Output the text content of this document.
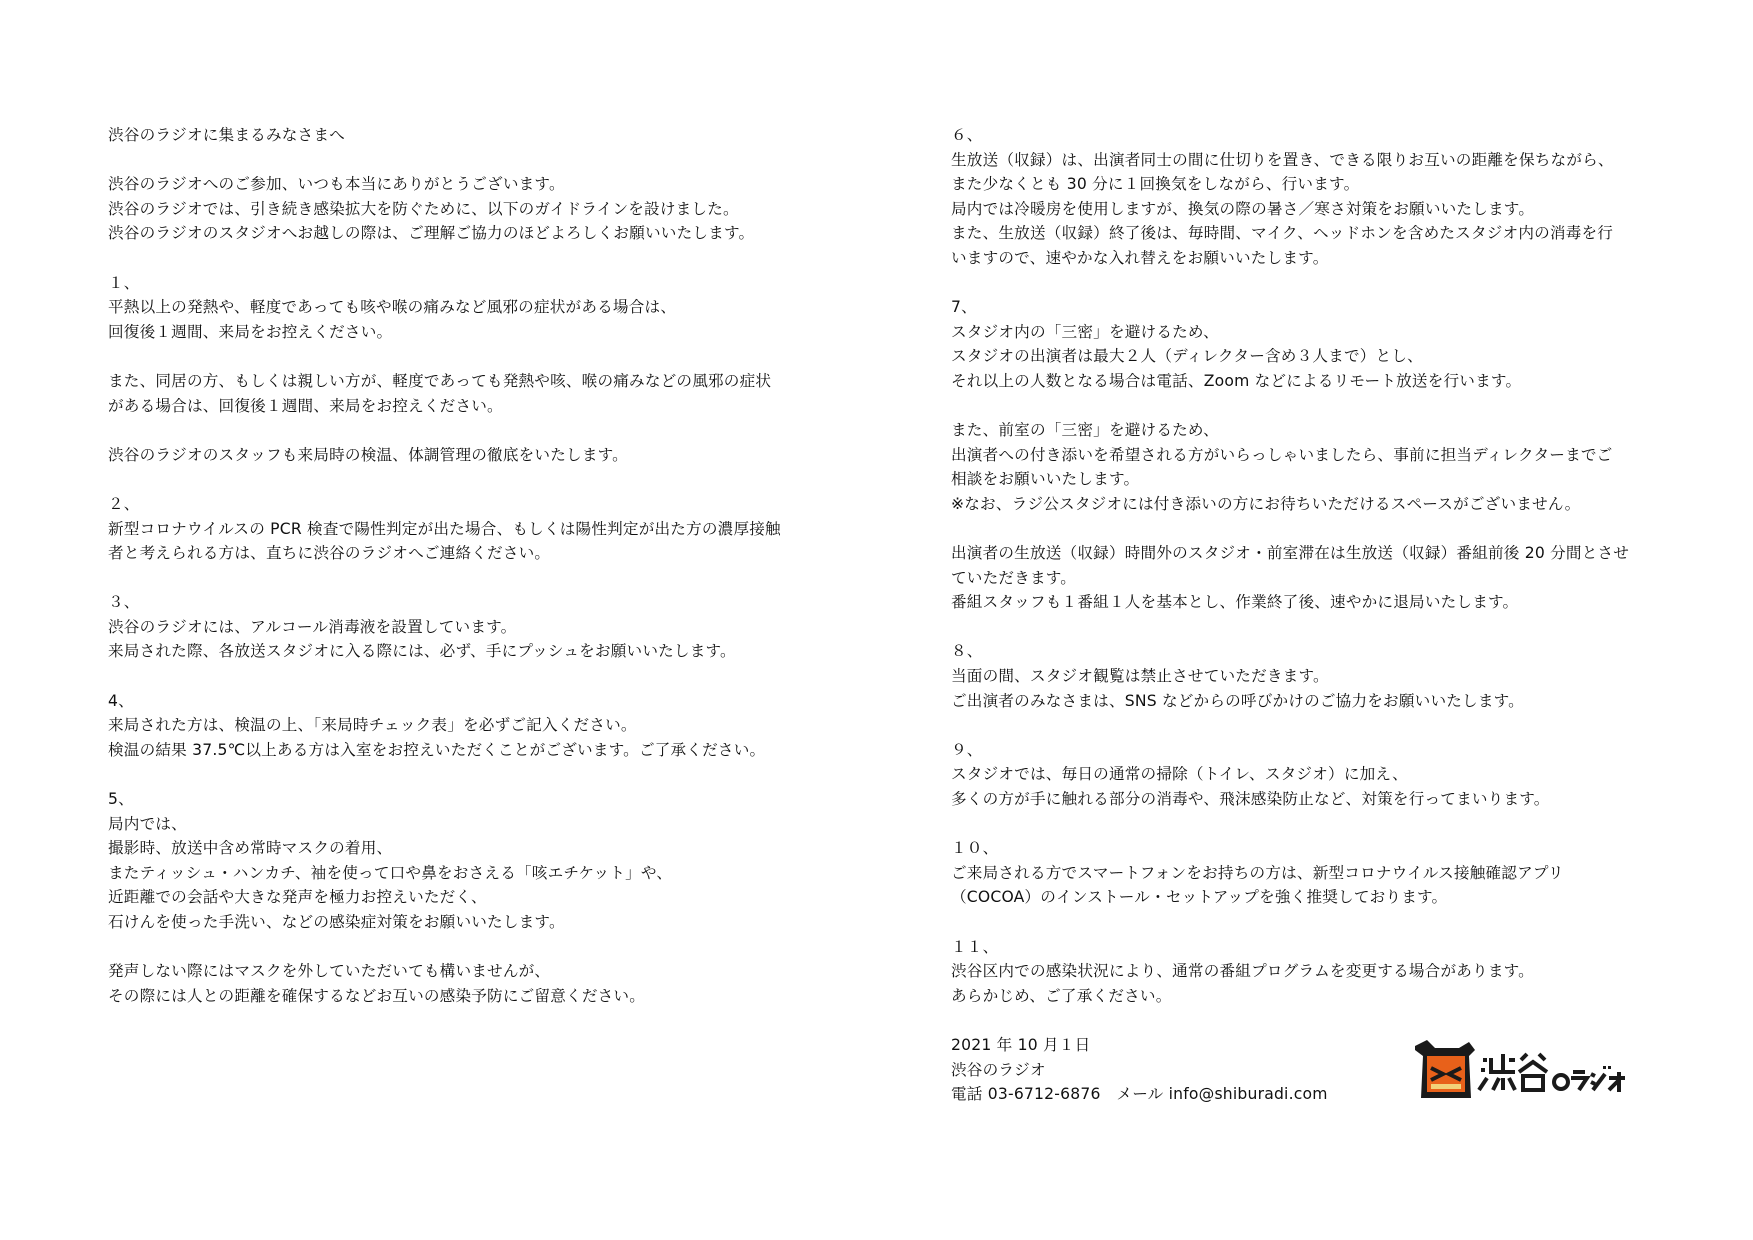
渋谷のラジオに集まるみなさまへ
渋谷のラジオへのご参加、いつも本当にありがとうございます。
渋谷のラジオでは、引き続き感染拡大を防ぐために、以下のガイドラインを設けました。
渋谷のラジオのスタジオへお越しの際は、ご理解ご協力のほどよろしくお願いいたします。
１、
平熱以上の発熱や、軽度であっても咳や喉の痛みなど風邪の症状がある場合は、
回復後１週間、来局をお控えください。
また、同居の方、もしくは親しい方が、軽度であっても発熱や咳、喉の痛みなどの風邪の症状
がある場合は、回復後１週間、来局をお控えください。
渋谷のラジオのスタッフも来局時の検温、体調管理の徹底をいたします。
２、
新型コロナウイルスの PCR 検査で陽性判定が出た場合、もしくは陽性判定が出た方の濃厚接触
者と考えられる方は、直ちに渋谷のラジオへご連絡ください。
３、
渋谷のラジオには、アルコール消毒液を設置しています。
来局された際、各放送スタジオに入る際には、必ず、手にプッシュをお願いいたします。
4、
来局された方は、検温の上、「来局時チェック表」を必ずご記入ください。
検温の結果 37.5℃以上ある方は入室をお控えいただくことがございます。ご了承ください。
5、
局内では、
撮影時、放送中含め常時マスクの着用、
またティッシュ・ハンカチ、袖を使って口や鼻をおさえる「咳エチケット」や、
近距離での会話や大きな発声を極力お控えいただく、
石けんを使った手洗い、などの感染症対策をお願いいたします。
発声しない際にはマスクを外していただいても構いませんが、
その際には人との距離を確保するなどお互いの感染予防にご留意ください。
６、
生放送（収録）は、出演者同士の間に仕切りを置き、できる限りお互いの距離を保ちながら、
また少なくとも 30 分に１回換気をしながら、行います。
局内では冷暖房を使用しますが、換気の際の暑さ／寒さ対策をお願いいたします。
また、生放送（収録）終了後は、毎時間、マイク、ヘッドホンを含めたスタジオ内の消毒を行
いますので、速やかな入れ替えをお願いいたします。
7、
スタジオ内の「三密」を避けるため、
スタジオの出演者は最大２人（ディレクター含め３人まで）とし、
それ以上の人数となる場合は電話、Zoom などによるリモート放送を行います。
また、前室の「三密」を避けるため、
出演者への付き添いを希望される方がいらっしゃいましたら、事前に担当ディレクターまでご
相談をお願いいたします。
※なお、ラジ公スタジオには付き添いの方にお待ちいただけるスペースがございません。
出演者の生放送（収録）時間外のスタジオ・前室滞在は生放送（収録）番組前後 20 分間とさせ
ていただきます。
番組スタッフも１番組１人を基本とし、作業終了後、速やかに退局いたします。
８、
当面の間、スタジオ観覧は禁止させていただきます。
ご出演者のみなさまは、SNS などからの呼びかけのご協力をお願いいたします。
９、
スタジオでは、毎日の通常の掃除（トイレ、スタジオ）に加え、
多くの方が手に触れる部分の消毒や、飛沫感染防止など、対策を行ってまいります。
１０、
ご来局される方でスマートフォンをお持ちの方は、新型コロナウイルス接触確認アプリ
（COCOA）のインストール・セットアップを強く推奨しております。
１１、
渋谷区内での感染状況により、通常の番組プログラムを変更する場合があります。
あらかじめ、ご了承ください。
2021 年 10 月１日
渋谷のラジオ
電話 03-6712-6876　メール info@shiburadi.com
